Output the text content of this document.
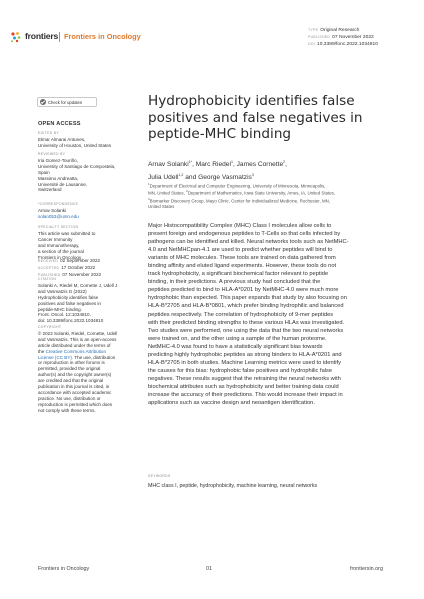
frontiers Frontiers in Oncology
TYPE Original Research
PUBLISHED 07 November 2022
DOI 10.3389/fonc.2022.1034810
Check for updates
OPEN ACCESS
EDITED BY
Elmar Almarai Antunes,
University of Houston, United States
REVIEWED BY
Iria Gomez-Touriño,
University of Santiago de Compostela,
Spain
Massimo Andreatta,
Université de Lausanne,
Switzerland
*CORRESPONDENCE
Arnav Solanki
solan053@umn.edu
SPECIALTY SECTION
This article was submitted to
Cancer Immunity
and Immunotherapy,
a section of the journal
Frontiers in Oncology
RECEIVED 02 September 2022
ACCEPTED 17 October 2022
PUBLISHED 07 November 2022
CITATION
Solanki A, Riedel M, Cornette J, Udell J
and Vasmatzis G (2022)
Hydrophobicity identifies false
positives and false negatives in
peptide-MHC binding.
Front. Oncol. 12:1034810.
doi: 10.3389/fonc.2022.1034810
COPYRIGHT
© 2022 Solanki, Riedel, Cornette, Udell
and Vasmatzis. This is an open-access
article distributed under the terms of
the Creative Commons Attribution
License (CC BY). The use, distribution
or reproduction in other forums is
permitted, provided the original
author(s) and the copyright owner(s)
are credited and that the original
publication in this journal is cited, in
accordance with accepted academic
practice. No use, distribution or
reproduction is permitted which does
not comply with these terms.
Hydrophobicity identifies false
positives and false negatives in
peptide-MHC binding
Arnav Solanki$^{1*}$, Marc Riedel$^1$, James Cornette$^2$,
Julia Udell$^{1,2}$ and George Vasmatzis$^3$
$^1$Department of Electrical and Computer Engineering, University of Minnesota, Minneapolis,
MN, United States, $^2$Department of Mathematics, Iowa State University, Ames, IA, United States,
$^3$Biomarker Discovery Group, Mayo Clinic, Center for Individualized Medicine, Rochester, MN,
United States
Major Histocompatibility Complex (MHC) Class I molecules allow cells to
present foreign and endogenous peptides to T-Cells so that cells infected by
pathogens can be identified and killed. Neural networks tools such as NetMHC-
4.0 and NetMHCpan-4.1 are used to predict whether peptides will bind to
variants of MHC molecules. These tools are trained on data gathered from
binding affinity and eluted ligand experiments. However, these tools do not
track hydrophobicity, a significant biochemical factor relevant to peptide
binding, in their predictions. A previous study had concluded that the
peptides predicted to bind to HLA-A*0201 by NetMHC-4.0 were much more
hydrophobic than expected. This paper expands that study by also focusing on
HLA-B*2705 and HLA-B*0801, which prefer binding hydrophilic and balanced
peptides respectively. The correlation of hydrophobicity of 9-mer peptides
with their predicted binding strengths to these various HLAs was investigated.
Two studies were performed, one using the data that the two neural networks
were trained on, and the other using a sample of the human proteome.
NetMHC-4.0 was found to have a statistically significant bias towards
predicting highly hydrophobic peptides as strong binders to HLA-A*0201 and
HLA-B*2705 in both studies. Machine Learning metrics were used to identify
the causes for this bias: hydrophobic false positives and hydrophilic false
negatives. These results suggest that the retraining the neural networks with
biochemical attributes such as hydrophobicity and better training data could
increase the accuracy of their predictions. This would increase their impact in
applications such as vaccine design and neoantigen identification.
KEYWORDS
MHC class I, peptide, hydrophobicity, machine learning, neural networks
Frontiers in Oncology	01	frontiersin.org
